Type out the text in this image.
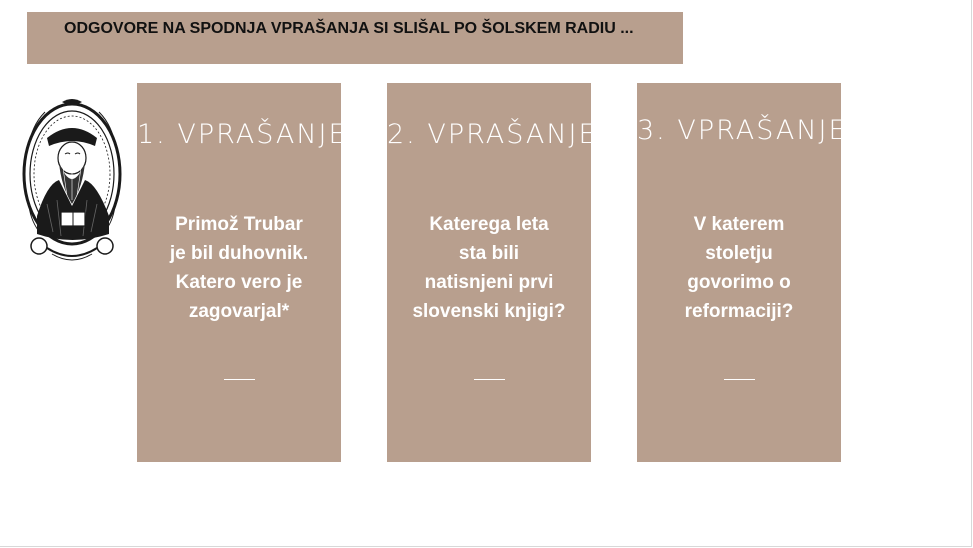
ODGOVORE NA SPODNJA VPRAŠANJA SI SLIŠAL PO ŠOLSKEM RADIU ...
1. VPRAŠANJE
Primož Trubar
je bil duhovnik.
Katero vero je
zagovarjal*
2. VPRAŠANJE
Katerega leta
sta bili
natisnjeni prvi
slovenski knjigi?
3. VPRAŠANJE
V katerem
stoletju
govorimo o
reformaciji?
